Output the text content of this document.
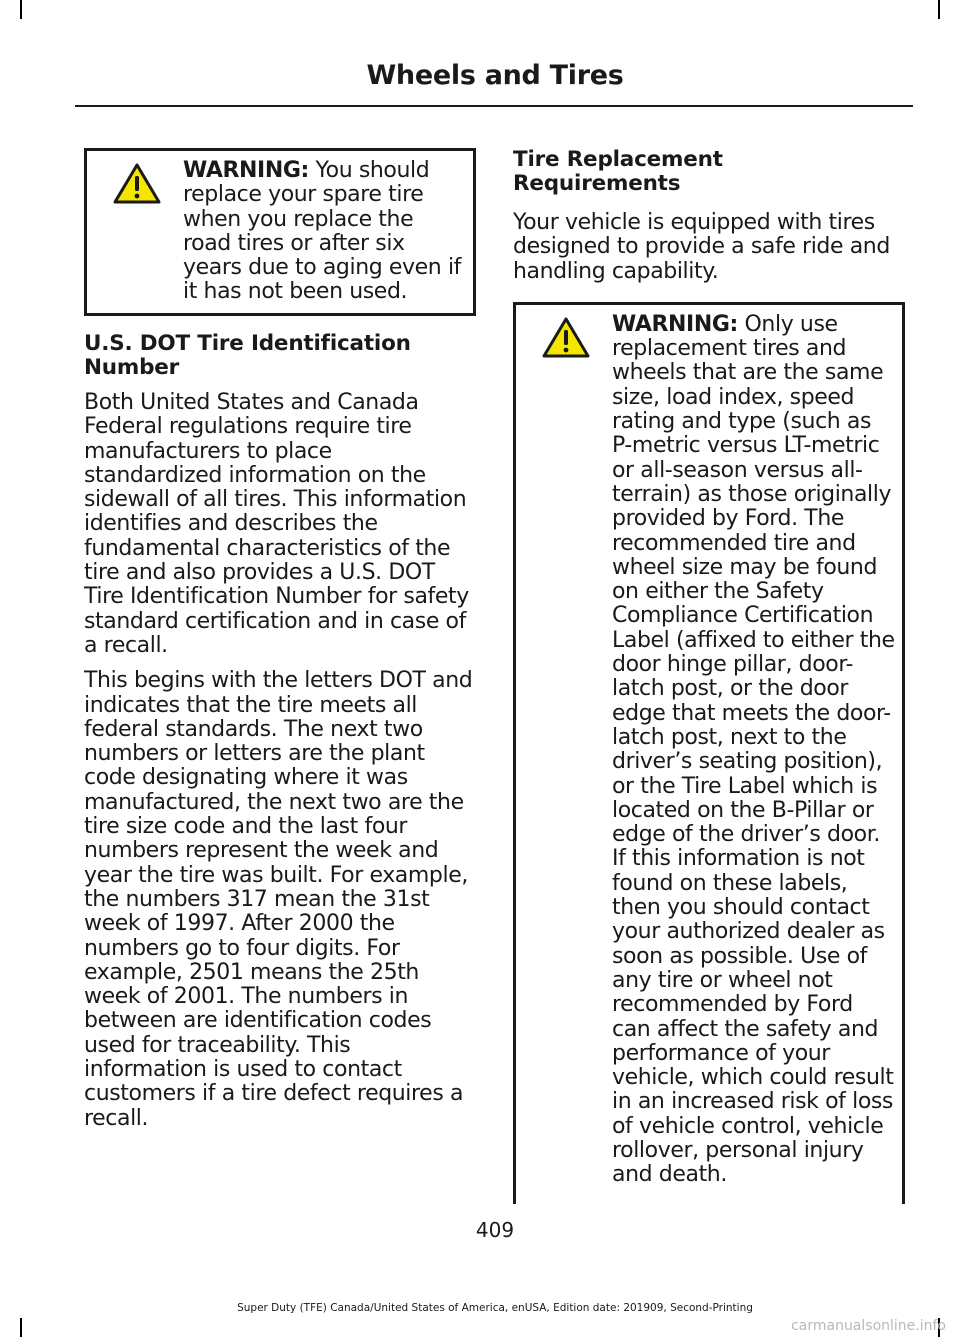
Wheels and Tires
WARNING: You should replace your spare tire when you replace the road tires or after six years due to aging even if it has not been used.
U.S. DOT Tire Identification Number

Both United States and Canada Federal regulations require tire manufacturers to place standardized information on the sidewall of all tires. This information identifies and describes the fundamental characteristics of the tire and also provides a U.S. DOT Tire Identification Number for safety standard certification and in case of a recall.

This begins with the letters DOT and indicates that the tire meets all federal standards. The next two numbers or letters are the plant code designating where it was manufactured, the next two are the tire size code and the last four numbers represent the week and year the tire was built. For example, the numbers 317 mean the 31st week of 1997. After 2000 the numbers go to four digits. For example, 2501 means the 25th week of 2001. The numbers in between are identification codes used for traceability. This information is used to contact customers if a tire defect requires a recall.

Tire Replacement Requirements

Your vehicle is equipped with tires designed to provide a safe ride and handling capability.

WARNING: Only use replacement tires and wheels that are the same size, load index, speed rating and type (such as P-metric versus LT-metric or all-season versus all-terrain) as those originally provided by Ford. The recommended tire and wheel size may be found on either the Safety Compliance Certification Label (affixed to either the door hinge pillar, door-latch post, or the door edge that meets the door-latch post, next to the driver’s seating position), or the Tire Label which is located on the B-Pillar or edge of the driver’s door. If this information is not found on these labels, then you should contact your authorized dealer as soon as possible. Use of any tire or wheel not recommended by Ford can affect the safety and performance of your vehicle, which could result in an increased risk of loss of vehicle control, vehicle rollover, personal injury and death.
409
Super Duty (TFE) Canada/United States of America, enUSA, Edition date: 201909, Second-Printing
carmanualsonline.info
